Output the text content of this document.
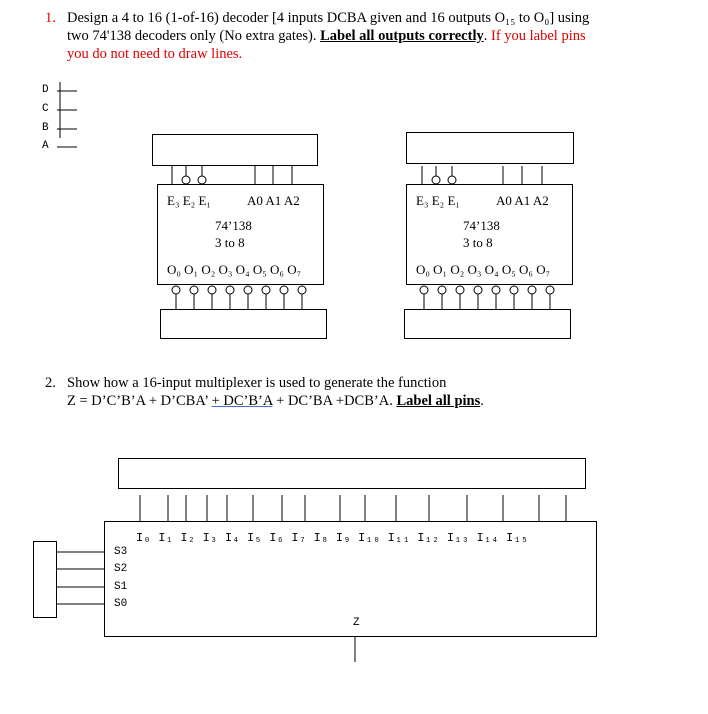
1. Design a 4 to 16 (1-of-16) decoder [4 inputs DCBA given and 16 outputs O₁₅ to O₀] using
two 74'138 decoders only (No extra gates). Label all outputs correctly. If you label pins
you do not need to draw lines.
D
C
B
A
E₃ E₂ E₁	A0 A1 A2
74’138
3 to 8
O₀ O₁ O₂ O₃ O₄ O₅ O₆ O₇
E₃ E₂ E₁	A0 A1 A2
74’138
3 to 8
O₀ O₁ O₂ O₃ O₄ O₅ O₆ O₇
2. Show how a 16-input multiplexer is used to generate the function
Z = D’C’B’A + D’CBA’ + DC’B’A + DC’BA +DCB’A. Label all pins.
I₀ I₁ I₂ I₃ I₄ I₅ I₆ I₇ I₈ I₉ I₁₀ I₁₁ I₁₂ I₁₃ I₁₄ I₁₅
S3
S2
S1
S0
Z
